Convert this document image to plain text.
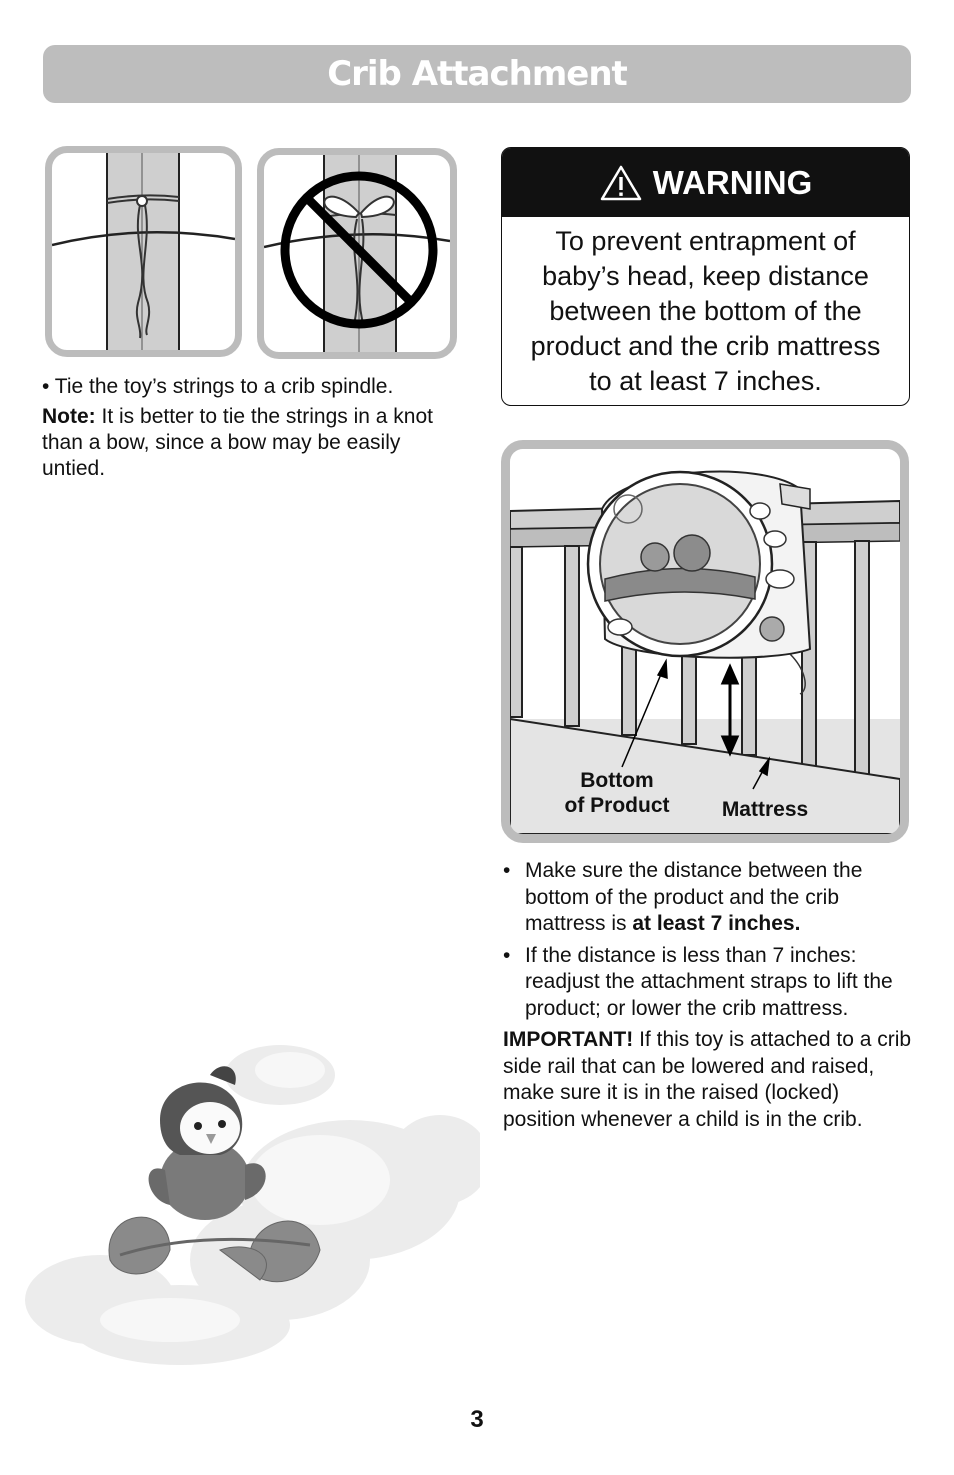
Crib Attachment

• Tie the toy’s strings to a crib spindle.

Note: It is better to tie the strings in a knot than a bow, since a bow may be easily untied.

WARNING
To prevent entrapment of
baby’s head, keep distance
between the bottom of the
product and the crib mattress
to at least 7 inches.
Bottom
of Product	Mattress
• Make sure the distance between the bottom of the product and the crib mattress is at least 7 inches.
• If the distance is less than 7 inches: readjust the attachment straps to lift the product; or lower the crib mattress.

IMPORTANT! If this toy is attached to a crib side rail that can be lowered and raised, make sure it is in the raised (locked) position whenever a child is in the crib.

3
